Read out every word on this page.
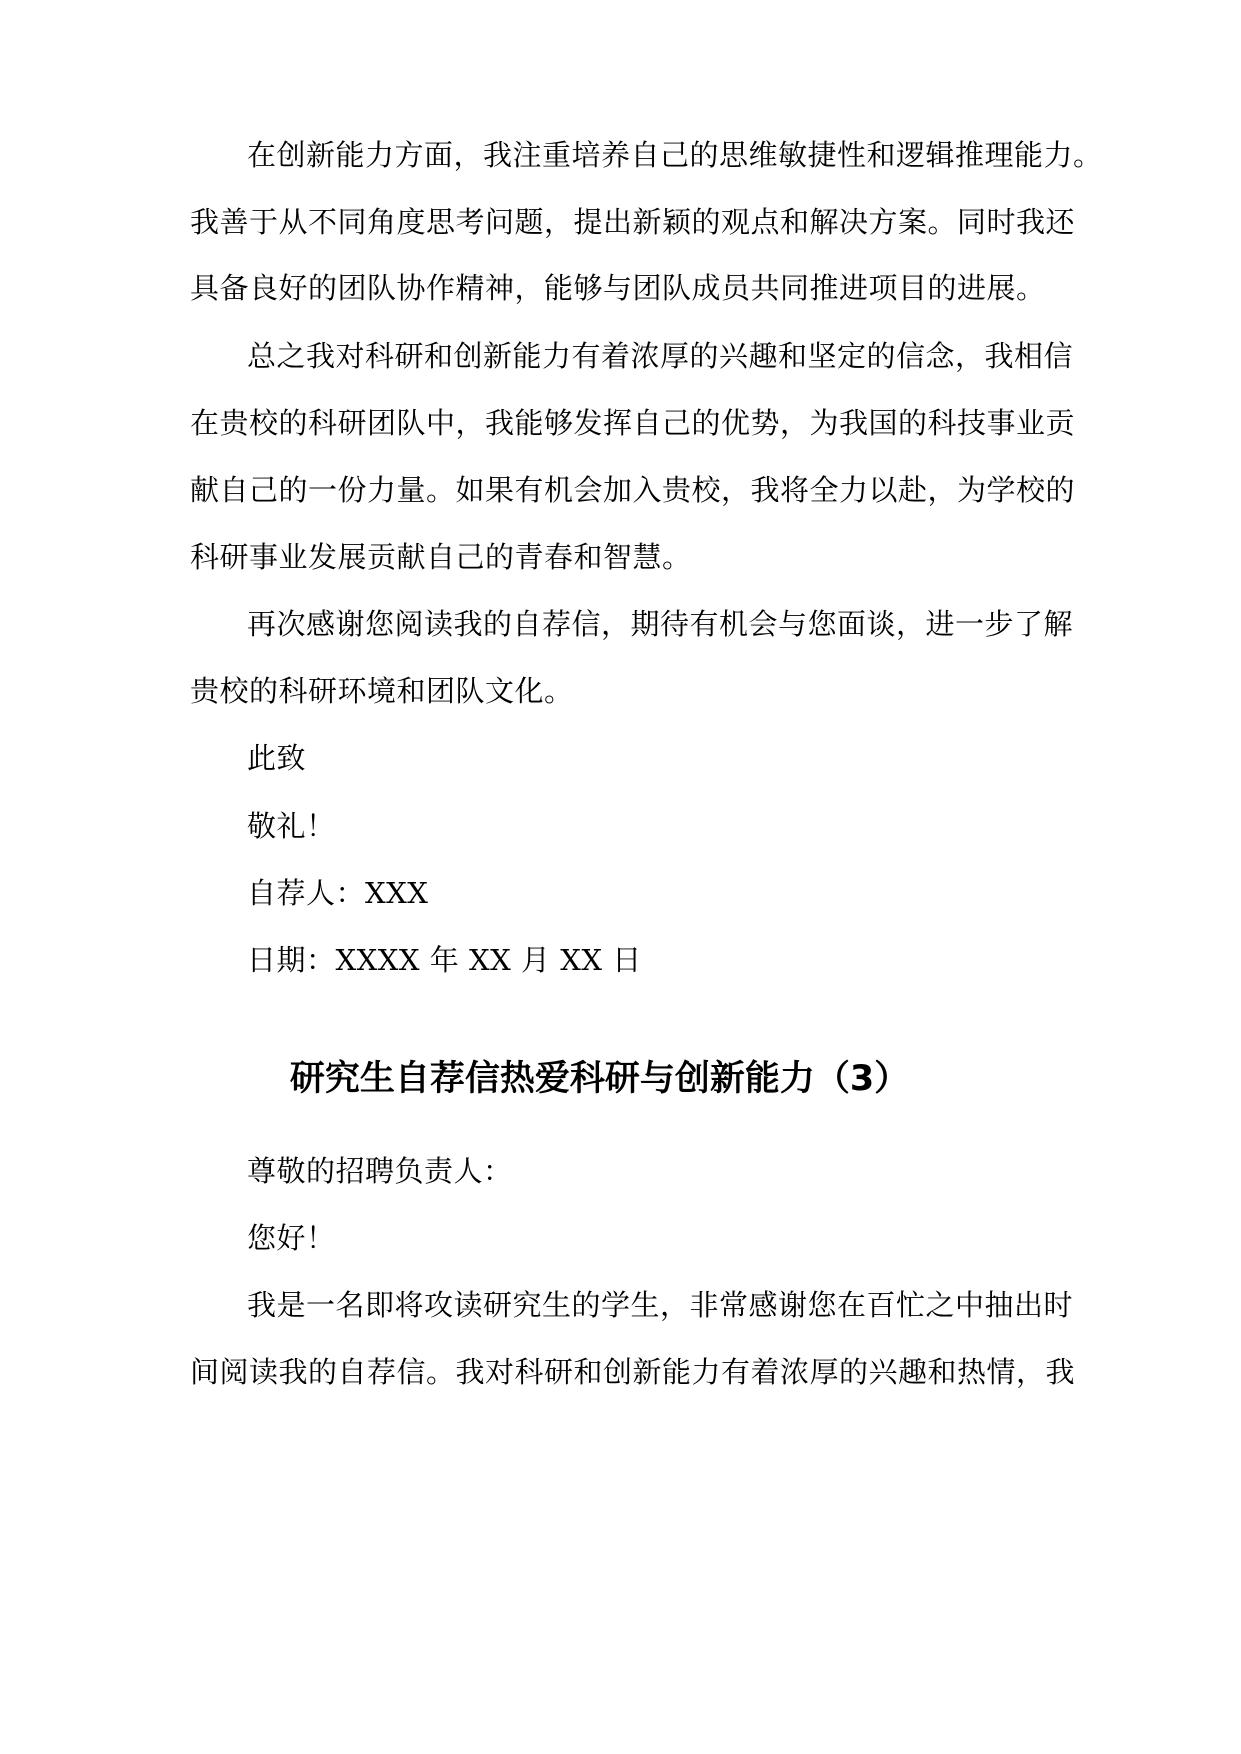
在创新能力方面，我注重培养自己的思维敏捷性和逻辑推理能力。
我善于从不同角度思考问题，提出新颖的观点和解决方案。同时我还
具备良好的团队协作精神，能够与团队成员共同推进项目的进展。
总之我对科研和创新能力有着浓厚的兴趣和坚定的信念，我相信
在贵校的科研团队中，我能够发挥自己的优势，为我国的科技事业贡
献自己的一份力量。如果有机会加入贵校，我将全力以赴，为学校的
科研事业发展贡献自己的青春和智慧。
再次感谢您阅读我的自荐信，期待有机会与您面谈，进一步了解
贵校的科研环境和团队文化。
此致
敬礼！
自荐人：XXX
日期：XXXX 年 XX 月 XX 日
研究生自荐信热爱科研与创新能力（3）
尊敬的招聘负责人：
您好！
我是一名即将攻读研究生的学生，非常感谢您在百忙之中抽出时
间阅读我的自荐信。我对科研和创新能力有着浓厚的兴趣和热情，我
